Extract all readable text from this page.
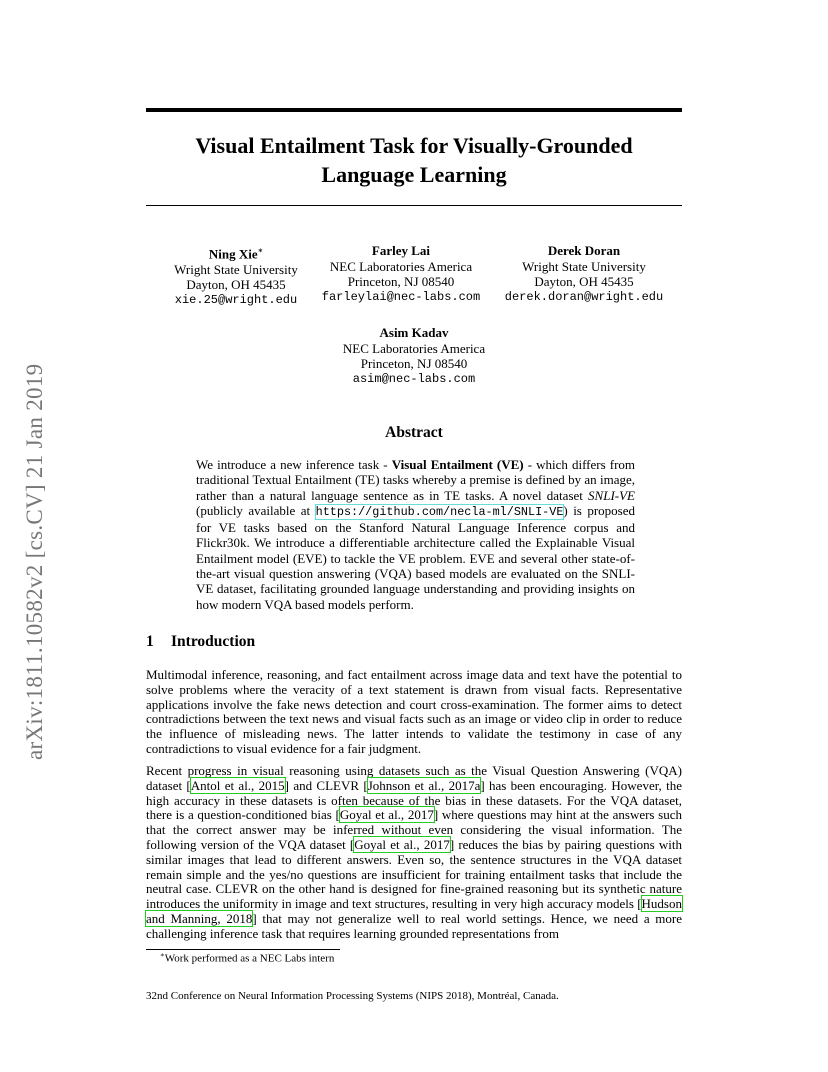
arXiv:1811.10582v2 [cs.CV] 21 Jan 2019
Visual Entailment Task for Visually-Grounded
Language Learning
Ning Xie∗
Wright State University
Dayton, OH 45435
xie.25@wright.edu
Farley Lai
NEC Laboratories America
Princeton, NJ 08540
farleylai@nec-labs.com
Derek Doran
Wright State University
Dayton, OH 45435
derek.doran@wright.edu
Asim Kadav
NEC Laboratories America
Princeton, NJ 08540
asim@nec-labs.com
Abstract
We introduce a new inference task - Visual Entailment (VE) - which differs from traditional Textual Entailment (TE) tasks whereby a premise is defined by an image, rather than a natural language sentence as in TE tasks. A novel dataset SNLI-VE (publicly available at https://github.com/necla-ml/SNLI-VE) is proposed for VE tasks based on the Stanford Natural Language Inference corpus and Flickr30k. We introduce a differentiable architecture called the Explainable Visual Entailment model (EVE) to tackle the VE problem. EVE and several other state-of-the-art visual question answering (VQA) based models are evaluated on the SNLI-VE dataset, facilitating grounded language understanding and providing insights on how modern VQA based models perform.
1 Introduction
Multimodal inference, reasoning, and fact entailment across image data and text have the potential to solve problems where the veracity of a text statement is drawn from visual facts. Representative applications involve the fake news detection and court cross-examination. The former aims to detect contradictions between the text news and visual facts such as an image or video clip in order to reduce the influence of misleading news. The latter intends to validate the testimony in case of any contradictions to visual evidence for a fair judgment.
Recent progress in visual reasoning using datasets such as the Visual Question Answering (VQA) dataset [Antol et al., 2015] and CLEVR [Johnson et al., 2017a] has been encouraging. However, the high accuracy in these datasets is often because of the bias in these datasets. For the VQA dataset, there is a question-conditioned bias [Goyal et al., 2017] where questions may hint at the answers such that the correct answer may be inferred without even considering the visual information. The following version of the VQA dataset [Goyal et al., 2017] reduces the bias by pairing questions with similar images that lead to different answers. Even so, the sentence structures in the VQA dataset remain simple and the yes/no questions are insufficient for training entailment tasks that include the neutral case. CLEVR on the other hand is designed for fine-grained reasoning but its synthetic nature introduces the uniformity in image and text structures, resulting in very high accuracy models [Hudson and Manning, 2018] that may not generalize well to real world settings. Hence, we need a more challenging inference task that requires learning grounded representations from
∗Work performed as a NEC Labs intern
32nd Conference on Neural Information Processing Systems (NIPS 2018), Montréal, Canada.
